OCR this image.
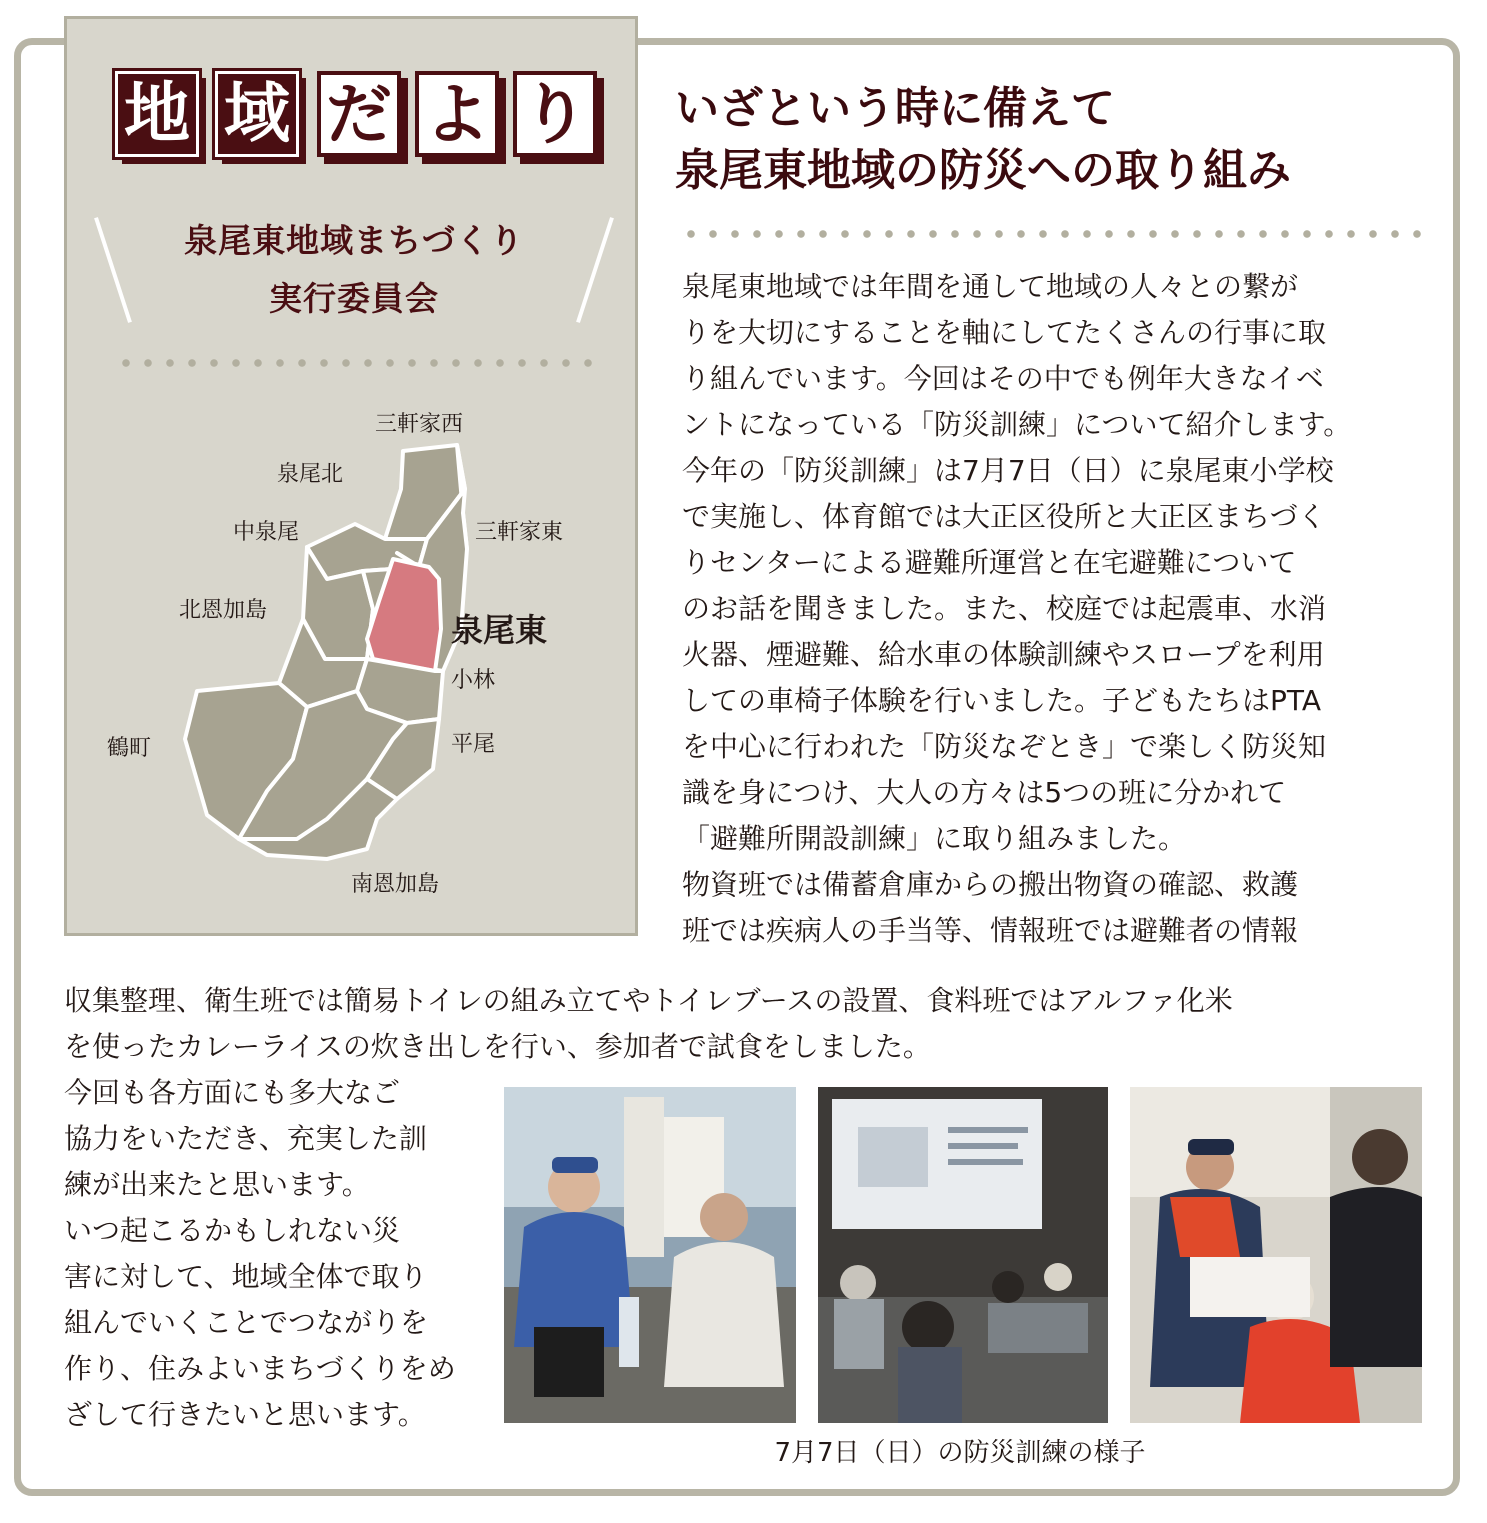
地 域 だ よ り
泉尾東地域まちづくり
実行委員会
三軒家西
泉尾北
中泉尾	三軒家東
北恩加島
泉尾東
小林
鶴町	平尾
南恩加島
いざという時に備えて
泉尾東地域の防災への取り組み
泉尾東地域では年間を通して地域の人々との繋が
りを大切にすることを軸にしてたくさんの行事に取
り組んでいます。今回はその中でも例年大きなイベ
ントになっている「防災訓練」について紹介します。
今年の「防災訓練」は7月7日（日）に泉尾東小学校
で実施し、体育館では大正区役所と大正区まちづく
りセンターによる避難所運営と在宅避難について
のお話を聞きました。また、校庭では起震車、水消
火器、煙避難、給水車の体験訓練やスロープを利用
しての車椅子体験を行いました。子どもたちはPTA
を中心に行われた「防災なぞとき」で楽しく防災知
識を身につけ、大人の方々は5つの班に分かれて
「避難所開設訓練」に取り組みました。
物資班では備蓄倉庫からの搬出物資の確認、救護
班では疾病人の手当等、情報班では避難者の情報
収集整理、衛生班では簡易トイレの組み立てやトイレブースの設置、食料班ではアルファ化米
を使ったカレーライスの炊き出しを行い、参加者で試食をしました。
今回も各方面にも多大なご
協力をいただき、充実した訓
練が出来たと思います。
いつ起こるかもしれない災
害に対して、地域全体で取り
組んでいくことでつながりを
作り、住みよいまちづくりをめ
ざして行きたいと思います。
7月7日（日）の防災訓練の様子
